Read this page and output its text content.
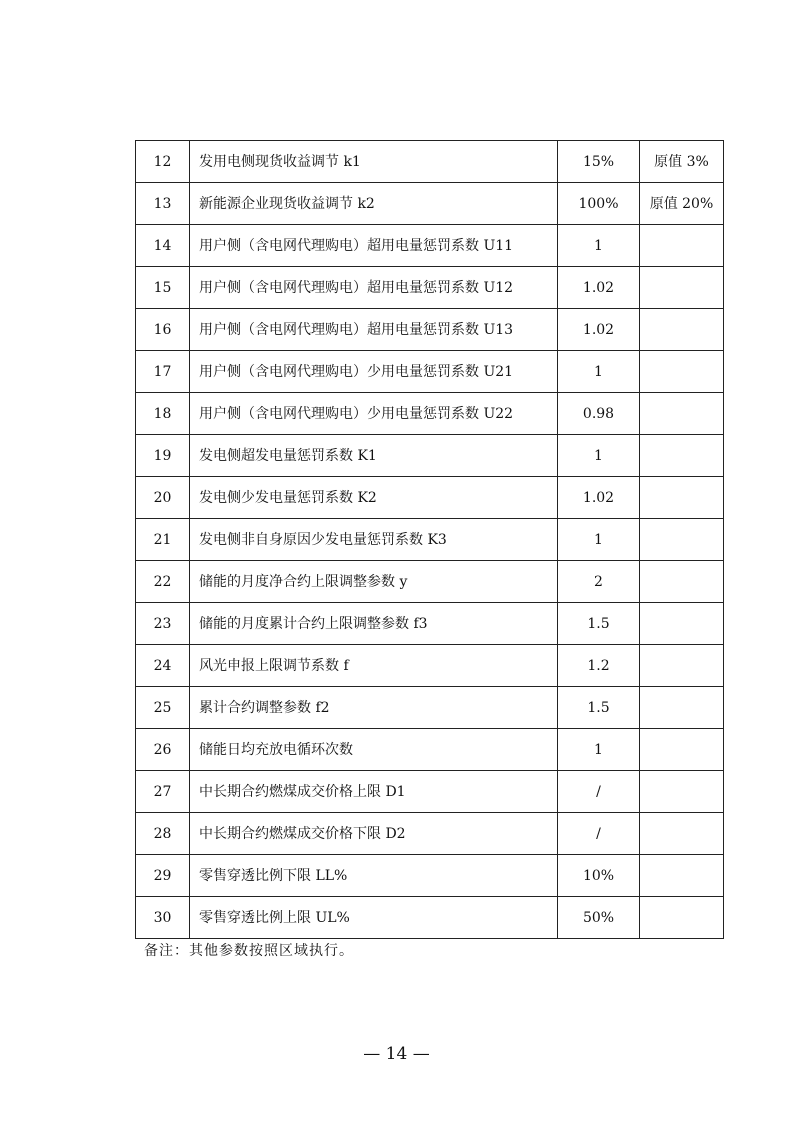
12	发用电侧现货收益调节 k1	15%	原值 3%
13	新能源企业现货收益调节 k2	100%	原值 20%
14	用户侧（含电网代理购电）超用电量惩罚系数 U11	1	
15	用户侧（含电网代理购电）超用电量惩罚系数 U12	1.02	
16	用户侧（含电网代理购电）超用电量惩罚系数 U13	1.02	
17	用户侧（含电网代理购电）少用电量惩罚系数 U21	1	
18	用户侧（含电网代理购电）少用电量惩罚系数 U22	0.98	
19	发电侧超发电量惩罚系数 K1	1	
20	发电侧少发电量惩罚系数 K2	1.02	
21	发电侧非自身原因少发电量惩罚系数 K3	1	
22	储能的月度净合约上限调整参数 y	2	
23	储能的月度累计合约上限调整参数 f3	1.5	
24	风光申报上限调节系数 f	1.2	
25	累计合约调整参数 f2	1.5	
26	储能日均充放电循环次数	1	
27	中长期合约燃煤成交价格上限 D1	/	
28	中长期合约燃煤成交价格下限 D2	/	
29	零售穿透比例下限 LL%	10%	
30	零售穿透比例上限 UL%	50%	
备注：其他参数按照区域执行。
— 14 —
